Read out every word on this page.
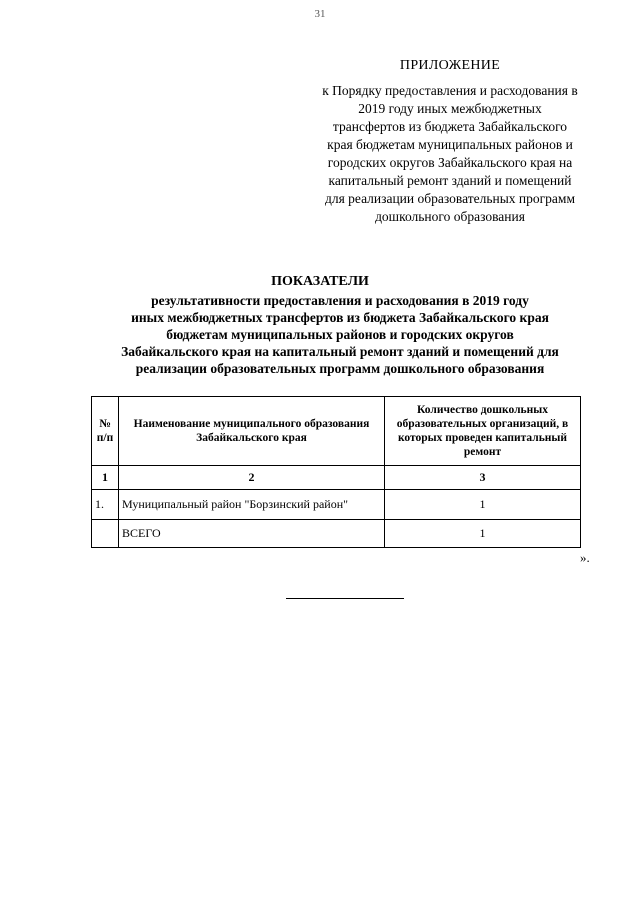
31
ПРИЛОЖЕНИЕ
к Порядку предоставления и расходования в
2019 году иных межбюджетных
трансфертов из бюджета Забайкальского
края бюджетам муниципальных районов и
городских округов Забайкальского края на
капитальный ремонт зданий и помещений
для реализации образовательных программ
дошкольного образования
ПОКАЗАТЕЛИ
результативности предоставления и расходования в 2019 году
иных межбюджетных трансфертов из бюджета Забайкальского края
бюджетам муниципальных районов и городских округов
Забайкальского края на капитальный ремонт зданий и помещений для
реализации образовательных программ дошкольного образования
№ п/п	Наименование муниципального образования Забайкальского края	Количество дошкольных образовательных организаций, в которых проведен капитальный ремонт
1	2	3
1.	Муниципальный район "Борзинский район"	1
	ВСЕГО	1
».
